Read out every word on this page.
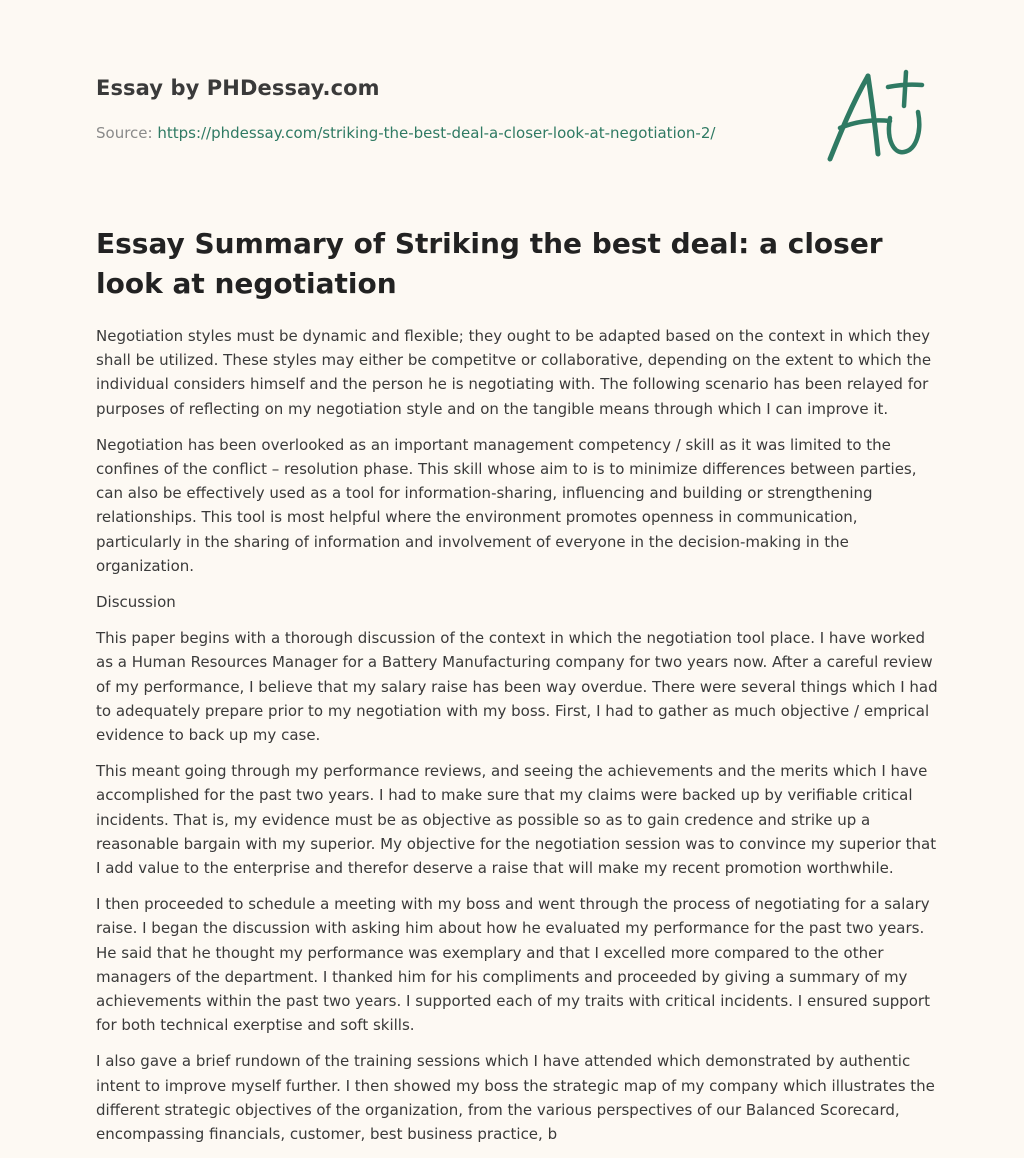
Essay by PHDessay.com
Source: https://phdessay.com/striking-the-best-deal-a-closer-look-at-negotiation-2/
Essay Summary of Striking the best deal: a closer look at negotiation

Negotiation styles must be dynamic and flexible; they ought to be adapted based on the context in which they shall be utilized. These styles may either be competitve or collaborative, depending on the extent to which the individual considers himself and the person he is negotiating with. The following scenario has been relayed for purposes of reflecting on my negotiation style and on the tangible means through which I can improve it.

Negotiation has been overlooked as an important management competency / skill as it was limited to the confines of the conflict – resolution phase. This skill whose aim to is to minimize differences between parties, can also be effectively used as a tool for information-sharing, influencing and building or strengthening relationships. This tool is most helpful where the environment promotes openness in communication, particularly in the sharing of information and involvement of everyone in the decision-making in the organization.

Discussion

This paper begins with a thorough discussion of the context in which the negotiation tool place. I have worked as a Human Resources Manager for a Battery Manufacturing company for two years now. After a careful review of my performance, I believe that my salary raise has been way overdue. There were several things which I had to adequately prepare prior to my negotiation with my boss. First, I had to gather as much objective / emprical evidence to back up my case.

This meant going through my performance reviews, and seeing the achievements and the merits which I have accomplished for the past two years. I had to make sure that my claims were backed up by verifiable critical incidents. That is, my evidence must be as objective as possible so as to gain credence and strike up a reasonable bargain with my superior. My objective for the negotiation session was to convince my superior that I add value to the enterprise and therefor deserve a raise that will make my recent promotion worthwhile.

I then proceeded to schedule a meeting with my boss and went through the process of negotiating for a salary raise. I began the discussion with asking him about how he evaluated my performance for the past two years. He said that he thought my performance was exemplary and that I excelled more compared to the other managers of the department. I thanked him for his compliments and proceeded by giving a summary of my achievements within the past two years. I supported each of my traits with critical incidents. I ensured support for both technical exerptise and soft skills.

I also gave a brief rundown of the training sessions which I have attended which demonstrated by authentic intent to improve myself further. I then showed my boss the strategic map of my company which illustrates the different strategic objectives of the organization, from the various perspectives of our Balanced Scorecard, encompassing financials, customer, best business practice, b
